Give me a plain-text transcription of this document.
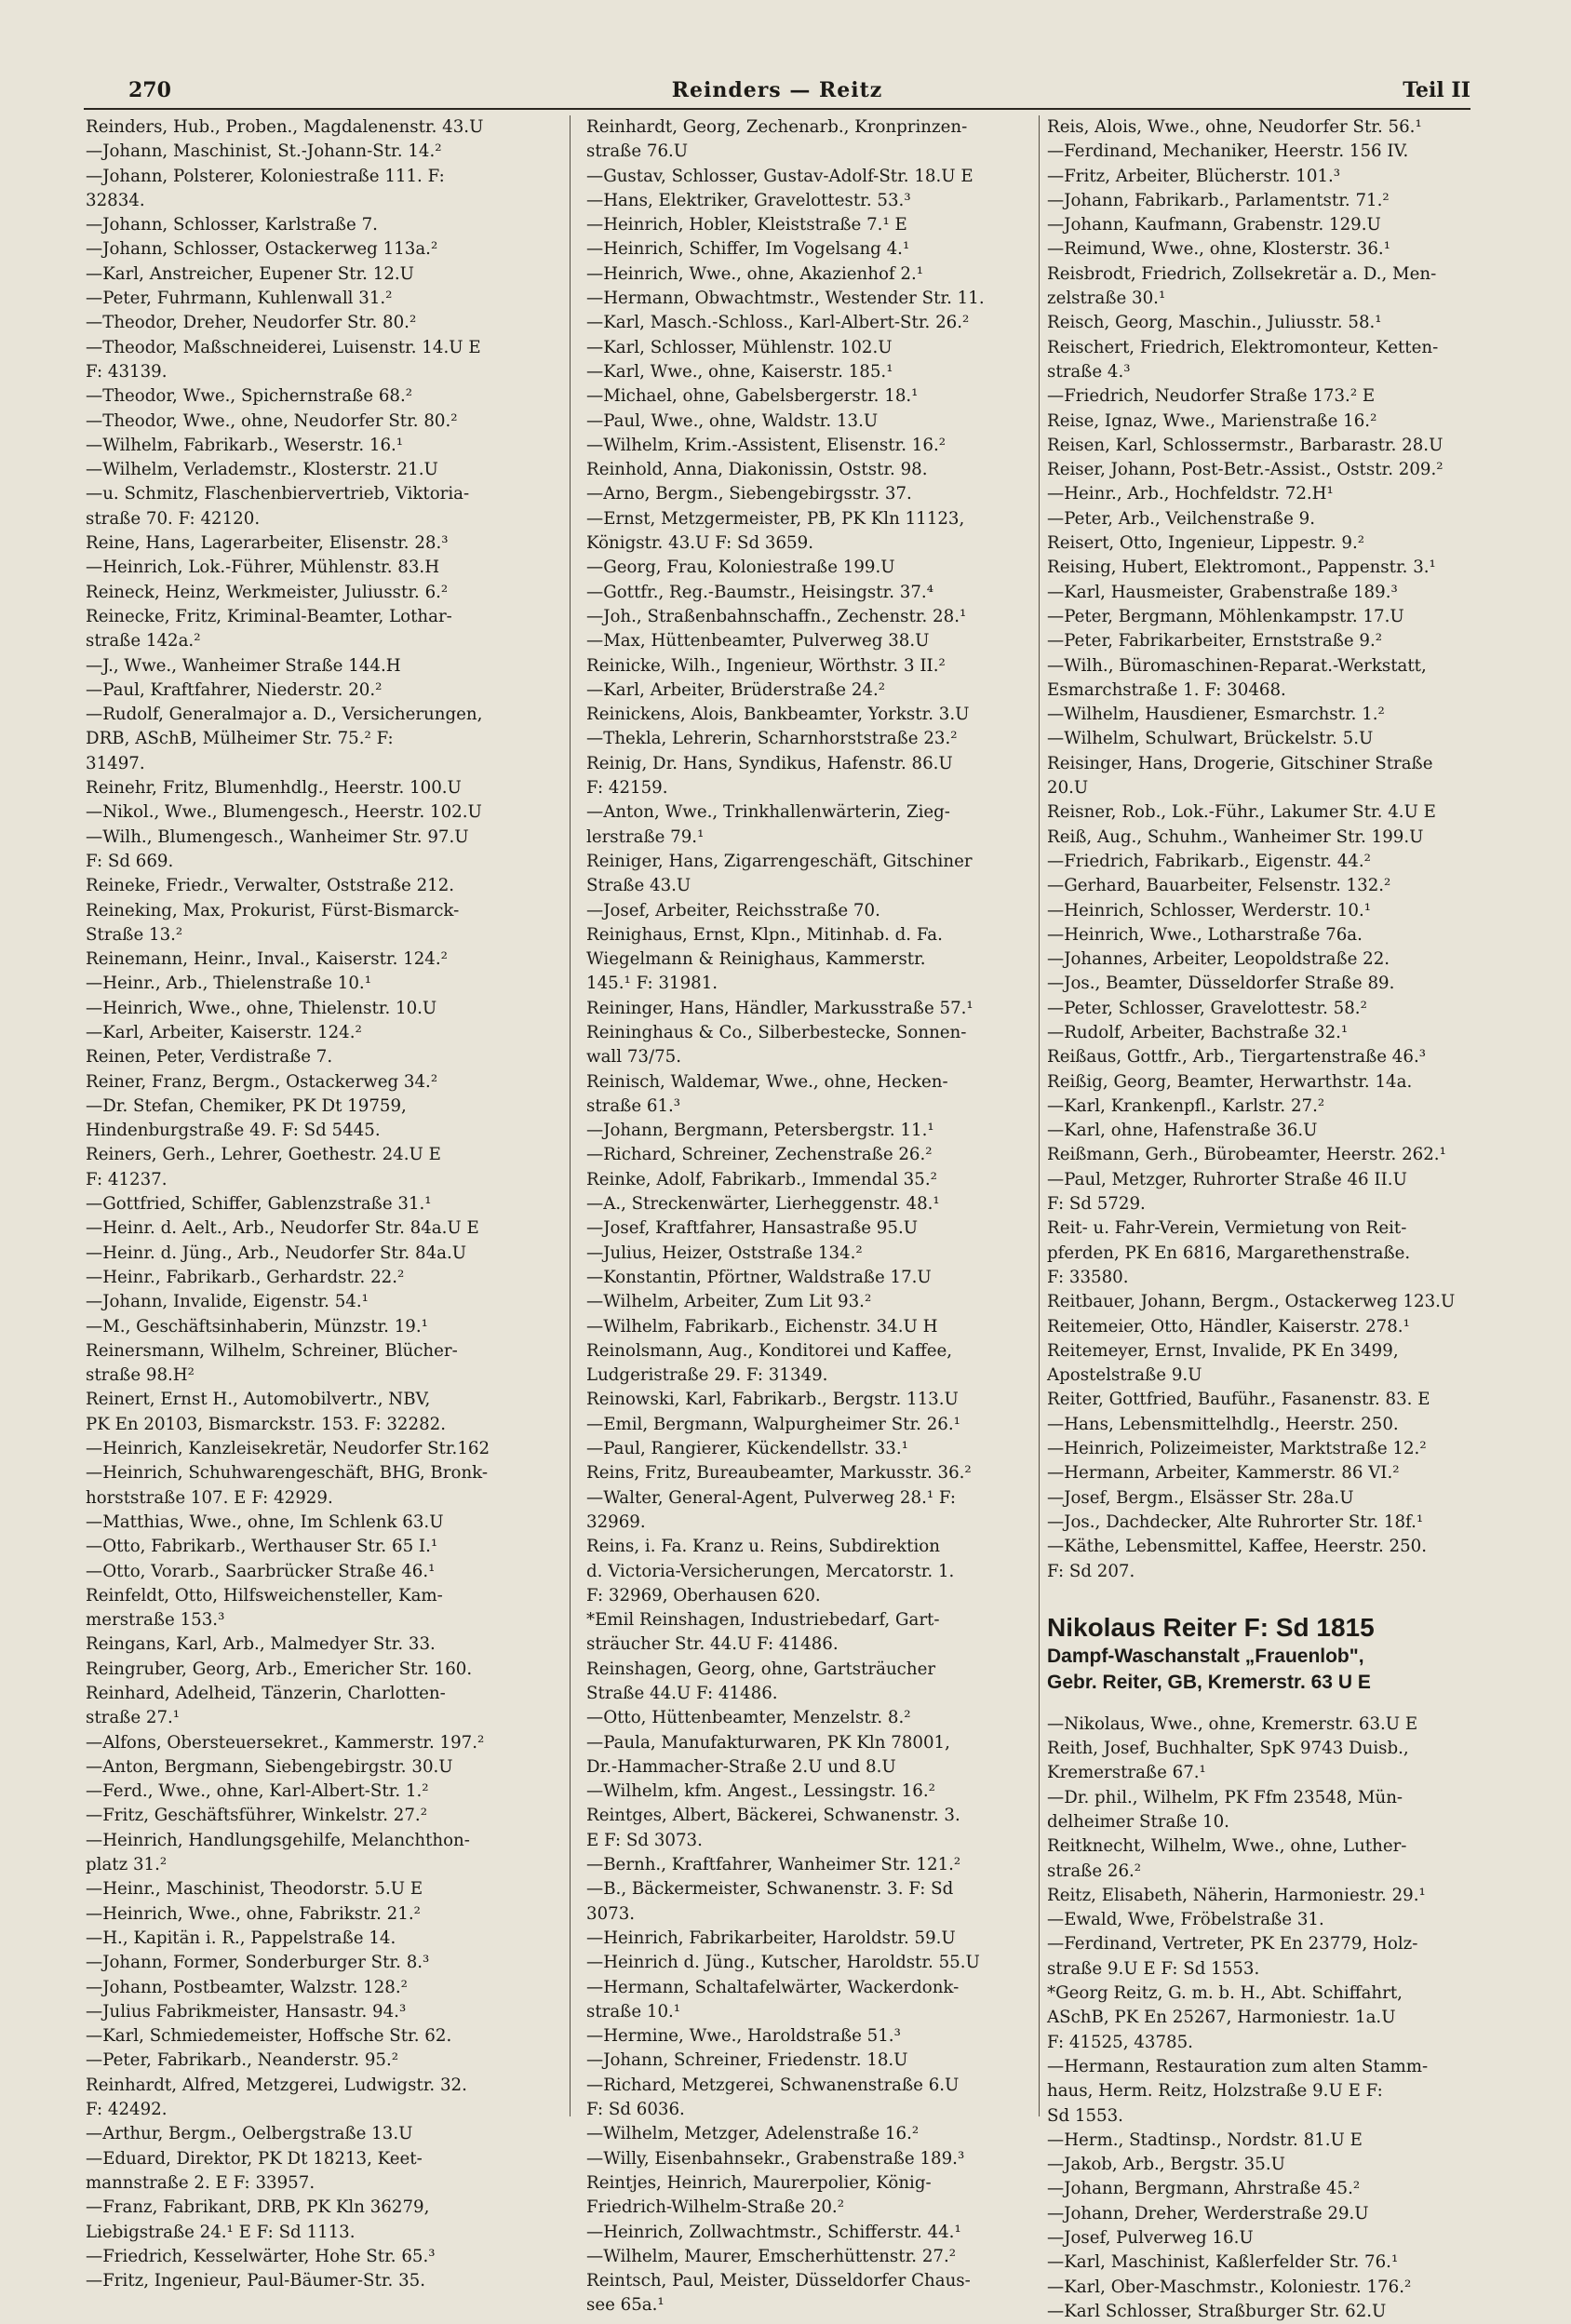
270	Reinders — Reitz	Teil II
Reinders, Hub., Proben., Magdalenenstr. 43.U
—Johann, Maschinist, St.-Johann-Str. 14.²
—Johann, Polsterer, Koloniestraße 111. F:
32834.
—Johann, Schlosser, Karlstraße 7.
—Johann, Schlosser, Ostackerweg 113a.²
—Karl, Anstreicher, Eupener Str. 12.U
—Peter, Fuhrmann, Kuhlenwall 31.²
—Theodor, Dreher, Neudorfer Str. 80.²
—Theodor, Maßschneiderei, Luisenstr. 14.U E
F: 43139.
—Theodor, Wwe., Spichernstraße 68.²
—Theodor, Wwe., ohne, Neudorfer Str. 80.²
—Wilhelm, Fabrikarb., Weserstr. 16.¹
—Wilhelm, Verlademstr., Klosterstr. 21.U
—u. Schmitz, Flaschenbiervertrieb, Viktoria-
straße 70. F: 42120.
Reine, Hans, Lagerarbeiter, Elisenstr. 28.³
—Heinrich, Lok.-Führer, Mühlenstr. 83.H
Reineck, Heinz, Werkmeister, Juliusstr. 6.²
Reinecke, Fritz, Kriminal-Beamter, Lothar-
straße 142a.²
—J., Wwe., Wanheimer Straße 144.H
—Paul, Kraftfahrer, Niederstr. 20.²
—Rudolf, Generalmajor a. D., Versicherungen,
DRB, ASchB, Mülheimer Str. 75.² F:
31497.
Reinehr, Fritz, Blumenhdlg., Heerstr. 100.U
—Nikol., Wwe., Blumengesch., Heerstr. 102.U
—Wilh., Blumengesch., Wanheimer Str. 97.U
F: Sd 669.
Reineke, Friedr., Verwalter, Oststraße 212.
Reineking, Max, Prokurist, Fürst-Bismarck-
Straße 13.²
Reinemann, Heinr., Inval., Kaiserstr. 124.²
—Heinr., Arb., Thielenstraße 10.¹
—Heinrich, Wwe., ohne, Thielenstr. 10.U
—Karl, Arbeiter, Kaiserstr. 124.²
Reinen, Peter, Verdistraße 7.
Reiner, Franz, Bergm., Ostackerweg 34.²
—Dr. Stefan, Chemiker, PK Dt 19759,
Hindenburgstraße 49. F: Sd 5445.
Reiners, Gerh., Lehrer, Goethestr. 24.U E
F: 41237.
—Gottfried, Schiffer, Gablenzstraße 31.¹
—Heinr. d. Aelt., Arb., Neudorfer Str. 84a.U E
—Heinr. d. Jüng., Arb., Neudorfer Str. 84a.U
—Heinr., Fabrikarb., Gerhardstr. 22.²
—Johann, Invalide, Eigenstr. 54.¹
—M., Geschäftsinhaberin, Münzstr. 19.¹
Reinersmann, Wilhelm, Schreiner, Blücher-
straße 98.H²
Reinert, Ernst H., Automobilvertr., NBV,
PK En 20103, Bismarckstr. 153. F: 32282.
—Heinrich, Kanzleisekretär, Neudorfer Str.162
—Heinrich, Schuhwarengeschäft, BHG, Bronk-
horststraße 107. E F: 42929.
—Matthias, Wwe., ohne, Im Schlenk 63.U
—Otto, Fabrikarb., Werthauser Str. 65 I.¹
—Otto, Vorarb., Saarbrücker Straße 46.¹
Reinfeldt, Otto, Hilfsweichensteller, Kam-
merstraße 153.³
Reingans, Karl, Arb., Malmedyer Str. 33.
Reingruber, Georg, Arb., Emericher Str. 160.
Reinhard, Adelheid, Tänzerin, Charlotten-
straße 27.¹
—Alfons, Obersteuersekret., Kammerstr. 197.²
—Anton, Bergmann, Siebengebirgstr. 30.U
—Ferd., Wwe., ohne, Karl-Albert-Str. 1.²
—Fritz, Geschäftsführer, Winkelstr. 27.²
—Heinrich, Handlungsgehilfe, Melanchthon-
platz 31.²
—Heinr., Maschinist, Theodorstr. 5.U E
—Heinrich, Wwe., ohne, Fabrikstr. 21.²
—H., Kapitän i. R., Pappelstraße 14.
—Johann, Former, Sonderburger Str. 8.³
—Johann, Postbeamter, Walzstr. 128.²
—Julius Fabrikmeister, Hansastr. 94.³
—Karl, Schmiedemeister, Hoffsche Str. 62.
—Peter, Fabrikarb., Neanderstr. 95.²
Reinhardt, Alfred, Metzgerei, Ludwigstr. 32.
F: 42492.
—Arthur, Bergm., Oelbergstraße 13.U
—Eduard, Direktor, PK Dt 18213, Keet-
mannstraße 2. E F: 33957.
—Franz, Fabrikant, DRB, PK Kln 36279,
Liebigstraße 24.¹ E F: Sd 1113.
—Friedrich, Kesselwärter, Hohe Str. 65.³
—Fritz, Ingenieur, Paul-Bäumer-Str. 35.
Reinhardt, Georg, Zechenarb., Kronprinzen-
straße 76.U
—Gustav, Schlosser, Gustav-Adolf-Str. 18.U E
—Hans, Elektriker, Gravelottestr. 53.³
—Heinrich, Hobler, Kleiststraße 7.¹ E
—Heinrich, Schiffer, Im Vogelsang 4.¹
—Heinrich, Wwe., ohne, Akazienhof 2.¹
—Hermann, Obwachtmstr., Westender Str. 11.
—Karl, Masch.-Schloss., Karl-Albert-Str. 26.²
—Karl, Schlosser, Mühlenstr. 102.U
—Karl, Wwe., ohne, Kaiserstr. 185.¹
—Michael, ohne, Gabelsbergerstr. 18.¹
—Paul, Wwe., ohne, Waldstr. 13.U
—Wilhelm, Krim.-Assistent, Elisenstr. 16.²
Reinhold, Anna, Diakonissin, Oststr. 98.
—Arno, Bergm., Siebengebirgsstr. 37.
—Ernst, Metzgermeister, PB, PK Kln 11123,
Königstr. 43.U F: Sd 3659.
—Georg, Frau, Koloniestraße 199.U
—Gottfr., Reg.-Baumstr., Heisingstr. 37.⁴
—Joh., Straßenbahnschaffn., Zechenstr. 28.¹
—Max, Hüttenbeamter, Pulverweg 38.U
Reinicke, Wilh., Ingenieur, Wörthstr. 3 II.²
—Karl, Arbeiter, Brüderstraße 24.²
Reinickens, Alois, Bankbeamter, Yorkstr. 3.U
—Thekla, Lehrerin, Scharnhorststraße 23.²
Reinig, Dr. Hans, Syndikus, Hafenstr. 86.U
F: 42159.
—Anton, Wwe., Trinkhallenwärterin, Zieg-
lerstraße 79.¹
Reiniger, Hans, Zigarrengeschäft, Gitschiner
Straße 43.U
—Josef, Arbeiter, Reichsstraße 70.
Reinighaus, Ernst, Klpn., Mitinhab. d. Fa.
Wiegelmann & Reinighaus, Kammerstr.
145.¹ F: 31981.
Reininger, Hans, Händler, Markusstraße 57.¹
Reininghaus & Co., Silberbestecke, Sonnen-
wall 73/75.
Reinisch, Waldemar, Wwe., ohne, Hecken-
straße 61.³
—Johann, Bergmann, Petersbergstr. 11.¹
—Richard, Schreiner, Zechenstraße 26.²
Reinke, Adolf, Fabrikarb., Immendal 35.²
—A., Streckenwärter, Lierheggenstr. 48.¹
—Josef, Kraftfahrer, Hansastraße 95.U
—Julius, Heizer, Oststraße 134.²
—Konstantin, Pförtner, Waldstraße 17.U
—Wilhelm, Arbeiter, Zum Lit 93.²
—Wilhelm, Fabrikarb., Eichenstr. 34.U H
Reinolsmann, Aug., Konditorei und Kaffee,
Ludgeristraße 29. F: 31349.
Reinowski, Karl, Fabrikarb., Bergstr. 113.U
—Emil, Bergmann, Walpurgheimer Str. 26.¹
—Paul, Rangierer, Kückendellstr. 33.¹
Reins, Fritz, Bureaubeamter, Markusstr. 36.²
—Walter, General-Agent, Pulverweg 28.¹ F:
32969.
Reins, i. Fa. Kranz u. Reins, Subdirektion
d. Victoria-Versicherungen, Mercatorstr. 1.
F: 32969, Oberhausen 620.
*Emil Reinshagen, Industriebedarf, Gart-
sträucher Str. 44.U F: 41486.
Reinshagen, Georg, ohne, Gartsträucher
Straße 44.U F: 41486.
—Otto, Hüttenbeamter, Menzelstr. 8.²
—Paula, Manufakturwaren, PK Kln 78001,
Dr.-Hammacher-Straße 2.U und 8.U
—Wilhelm, kfm. Angest., Lessingstr. 16.²
Reintges, Albert, Bäckerei, Schwanenstr. 3.
E F: Sd 3073.
—Bernh., Kraftfahrer, Wanheimer Str. 121.²
—B., Bäckermeister, Schwanenstr. 3. F: Sd
3073.
—Heinrich, Fabrikarbeiter, Haroldstr. 59.U
—Heinrich d. Jüng., Kutscher, Haroldstr. 55.U
—Hermann, Schaltafelwärter, Wackerdonk-
straße 10.¹
—Hermine, Wwe., Haroldstraße 51.³
—Johann, Schreiner, Friedenstr. 18.U
—Richard, Metzgerei, Schwanenstraße 6.U
F: Sd 6036.
—Wilhelm, Metzger, Adelenstraße 16.²
—Willy, Eisenbahnsekr., Grabenstraße 189.³
Reintjes, Heinrich, Maurerpolier, König-
Friedrich-Wilhelm-Straße 20.²
—Heinrich, Zollwachtmstr., Schifferstr. 44.¹
—Wilhelm, Maurer, Emscherhüttenstr. 27.²
Reintsch, Paul, Meister, Düsseldorfer Chaus-
see 65a.¹
Reis, Alois, Wwe., ohne, Neudorfer Str. 56.¹
—Ferdinand, Mechaniker, Heerstr. 156 IV.
—Fritz, Arbeiter, Blücherstr. 101.³
—Johann, Fabrikarb., Parlamentstr. 71.²
—Johann, Kaufmann, Grabenstr. 129.U
—Reimund, Wwe., ohne, Klosterstr. 36.¹
Reisbrodt, Friedrich, Zollsekretär a. D., Men-
zelstraße 30.¹
Reisch, Georg, Maschin., Juliusstr. 58.¹
Reischert, Friedrich, Elektromonteur, Ketten-
straße 4.³
—Friedrich, Neudorfer Straße 173.² E
Reise, Ignaz, Wwe., Marienstraße 16.²
Reisen, Karl, Schlossermstr., Barbarastr. 28.U
Reiser, Johann, Post-Betr.-Assist., Oststr. 209.²
—Heinr., Arb., Hochfeldstr. 72.H¹
—Peter, Arb., Veilchenstraße 9.
Reisert, Otto, Ingenieur, Lippestr. 9.²
Reising, Hubert, Elektromont., Pappenstr. 3.¹
—Karl, Hausmeister, Grabenstraße 189.³
—Peter, Bergmann, Möhlenkampstr. 17.U
—Peter, Fabrikarbeiter, Ernststraße 9.²
—Wilh., Büromaschinen-Reparat.-Werkstatt,
Esmarchstraße 1. F: 30468.
—Wilhelm, Hausdiener, Esmarchstr. 1.²
—Wilhelm, Schulwart, Brückelstr. 5.U
Reisinger, Hans, Drogerie, Gitschiner Straße
20.U
Reisner, Rob., Lok.-Führ., Lakumer Str. 4.U E
Reiß, Aug., Schuhm., Wanheimer Str. 199.U
—Friedrich, Fabrikarb., Eigenstr. 44.²
—Gerhard, Bauarbeiter, Felsenstr. 132.²
—Heinrich, Schlosser, Werderstr. 10.¹
—Heinrich, Wwe., Lotharstraße 76a.
—Johannes, Arbeiter, Leopoldstraße 22.
—Jos., Beamter, Düsseldorfer Straße 89.
—Peter, Schlosser, Gravelottestr. 58.²
—Rudolf, Arbeiter, Bachstraße 32.¹
Reißaus, Gottfr., Arb., Tiergartenstraße 46.³
Reißig, Georg, Beamter, Herwarthstr. 14a.
—Karl, Krankenpfl., Karlstr. 27.²
—Karl, ohne, Hafenstraße 36.U
Reißmann, Gerh., Bürobeamter, Heerstr. 262.¹
—Paul, Metzger, Ruhrorter Straße 46 II.U
F: Sd 5729.
Reit- u. Fahr-Verein, Vermietung von Reit-
pferden, PK En 6816, Margarethenstraße.
F: 33580.
Reitbauer, Johann, Bergm., Ostackerweg 123.U
Reitemeier, Otto, Händler, Kaiserstr. 278.¹
Reitemeyer, Ernst, Invalide, PK En 3499,
Apostelstraße 9.U
Reiter, Gottfried, Bauführ., Fasanenstr. 83. E
—Hans, Lebensmittelhdlg., Heerstr. 250.
—Heinrich, Polizeimeister, Marktstraße 12.²
—Hermann, Arbeiter, Kammerstr. 86 VI.²
—Josef, Bergm., Elsässer Str. 28a.U
—Jos., Dachdecker, Alte Ruhrorter Str. 18f.¹
—Käthe, Lebensmittel, Kaffee, Heerstr. 250.
F: Sd 207.
Nikolaus Reiter F: Sd 1815
Dampf-Waschanstalt „Frauenlob",
Gebr. Reiter, GB, Kremerstr. 63 U E
—Nikolaus, Wwe., ohne, Kremerstr. 63.U E
Reith, Josef, Buchhalter, SpK 9743 Duisb.,
Kremerstraße 67.¹
—Dr. phil., Wilhelm, PK Ffm 23548, Mün-
delheimer Straße 10.
Reitknecht, Wilhelm, Wwe., ohne, Luther-
straße 26.²
Reitz, Elisabeth, Näherin, Harmoniestr. 29.¹
—Ewald, Wwe, Fröbelstraße 31.
—Ferdinand, Vertreter, PK En 23779, Holz-
straße 9.U E F: Sd 1553.
*Georg Reitz, G. m. b. H., Abt. Schiffahrt,
ASchB, PK En 25267, Harmoniestr. 1a.U
F: 41525, 43785.
—Hermann, Restauration zum alten Stamm-
haus, Herm. Reitz, Holzstraße 9.U E F:
Sd 1553.
—Herm., Stadtinsp., Nordstr. 81.U E
—Jakob, Arb., Bergstr. 35.U
—Johann, Bergmann, Ahrstraße 45.²
—Johann, Dreher, Werderstraße 29.U
—Josef, Pulverweg 16.U
—Karl, Maschinist, Kaßlerfelder Str. 76.¹
—Karl, Ober-Maschmstr., Koloniestr. 176.²
—Karl Schlosser, Straßburger Str. 62.U
